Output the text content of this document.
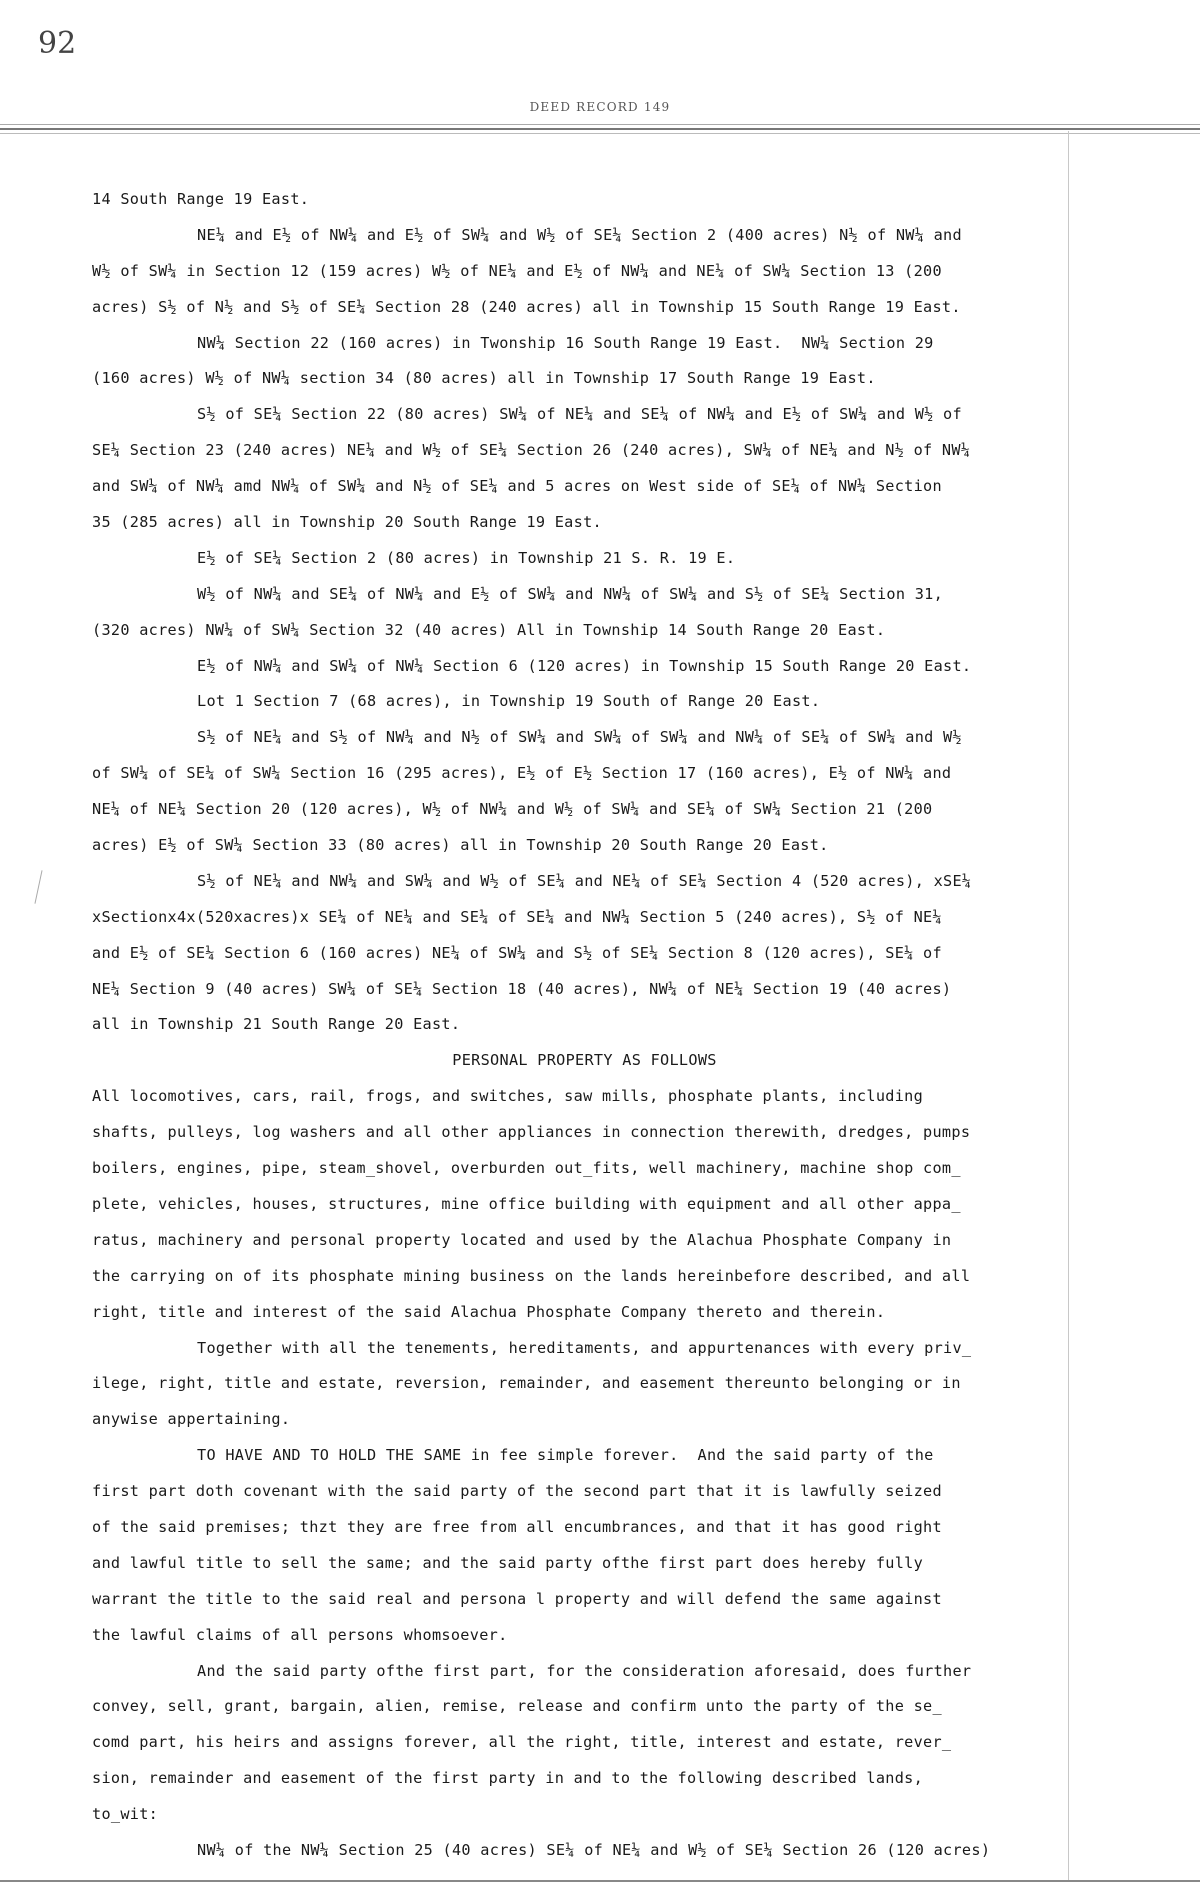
92
DEED RECORD 149
14 South Range 19 East.
NE¼ and E½ of NW¼ and E½ of SW¼ and W½ of SE¼ Section 2 (400 acres) N½ of NW¼ and
W½ of SW¼ in Section 12 (159 acres) W½ of NE¼ and E½ of NW¼ and NE¼ of SW¼ Section 13 (200
acres) S½ of N½ and S½ of SE¼ Section 28 (240 acres) all in Township 15 South Range 19 East.
NW¼ Section 22 (160 acres) in Twonship 16 South Range 19 East.  NW¼ Section 29
(160 acres) W½ of NW¼ section 34 (80 acres) all in Township 17 South Range 19 East.
S½ of SE¼ Section 22 (80 acres) SW¼ of NE¼ and SE¼ of NW¼ and E½ of SW¼ and W½ of
SE¼ Section 23 (240 acres) NE¼ and W½ of SE¼ Section 26 (240 acres), SW¼ of NE¼ and N½ of NW¼
and SW¼ of NW¼ amd NW¼ of SW¼ and N½ of SE¼ and 5 acres on West side of SE¼ of NW¼ Section
35 (285 acres) all in Township 20 South Range 19 East.
E½ of SE¼ Section 2 (80 acres) in Township 21 S. R. 19 E.
W½ of NW¼ and SE¼ of NW¼ and E½ of SW¼ and NW¼ of SW¼ and S½ of SE¼ Section 31,
(320 acres) NW¼ of SW¼ Section 32 (40 acres) All in Township 14 South Range 20 East.
E½ of NW¼ and SW¼ of NW¼ Section 6 (120 acres) in Township 15 South Range 20 East.
Lot 1 Section 7 (68 acres), in Township 19 South of Range 20 East.
S½ of NE¼ and S½ of NW¼ and N½ of SW¼ and SW¼ of SW¼ and NW¼ of SE¼ of SW¼ and W½
of SW¼ of SE¼ of SW¼ Section 16 (295 acres), E½ of E½ Section 17 (160 acres), E½ of NW¼ and
NE¼ of NE¼ Section 20 (120 acres), W½ of NW¼ and W½ of SW¼ and SE¼ of SW¼ Section 21 (200
acres) E½ of SW¼ Section 33 (80 acres) all in Township 20 South Range 20 East.
S½ of NE¼ and NW¼ and SW¼ and W½ of SE¼ and NE¼ of SE¼ Section 4 (520 acres), xSE¼
xSectionx4x(520xacres)x SE¼ of NE¼ and SE¼ of SE¼ and NW¼ Section 5 (240 acres), S½ of NE¼
and E½ of SE¼ Section 6 (160 acres) NE¼ of SW¼ and S½ of SE¼ Section 8 (120 acres), SE¼ of
NE¼ Section 9 (40 acres) SW¼ of SE¼ Section 18 (40 acres), NW¼ of NE¼ Section 19 (40 acres)
all in Township 21 South Range 20 East.
PERSONAL PROPERTY AS FOLLOWS
All locomotives, cars, rail, frogs, and switches, saw mills, phosphate plants, including
shafts, pulleys, log washers and all other appliances in connection therewith, dredges, pumps
boilers, engines, pipe, steam_shovel, overburden out_fits, well machinery, machine shop com_
plete, vehicles, houses, structures, mine office building with equipment and all other appa_
ratus, machinery and personal property located and used by the Alachua Phosphate Company in
the carrying on of its phosphate mining business on the lands hereinbefore described, and all
right, title and interest of the said Alachua Phosphate Company thereto and therein.
Together with all the tenements, hereditaments, and appurtenances with every priv_
ilege, right, title and estate, reversion, remainder, and easement thereunto belonging or in
anywise appertaining.
TO HAVE AND TO HOLD THE SAME in fee simple forever.  And the said party of the
first part doth covenant with the said party of the second part that it is lawfully seized
of the said premises; thzt they are free from all encumbrances, and that it has good right
and lawful title to sell the same; and the said party ofthe first part does hereby fully
warrant the title to the said real and persona l property and will defend the same against
the lawful claims of all persons whomsoever.
And the said party ofthe first part, for the consideration aforesaid, does further
convey, sell, grant, bargain, alien, remise, release and confirm unto the party of the se_
comd part, his heirs and assigns forever, all the right, title, interest and estate, rever_
sion, remainder and easement of the first party in and to the following described lands,
to_wit:
NW¼ of the NW¼ Section 25 (40 acres) SE¼ of NE¼ and W½ of SE¼ Section 26 (120 acres)
